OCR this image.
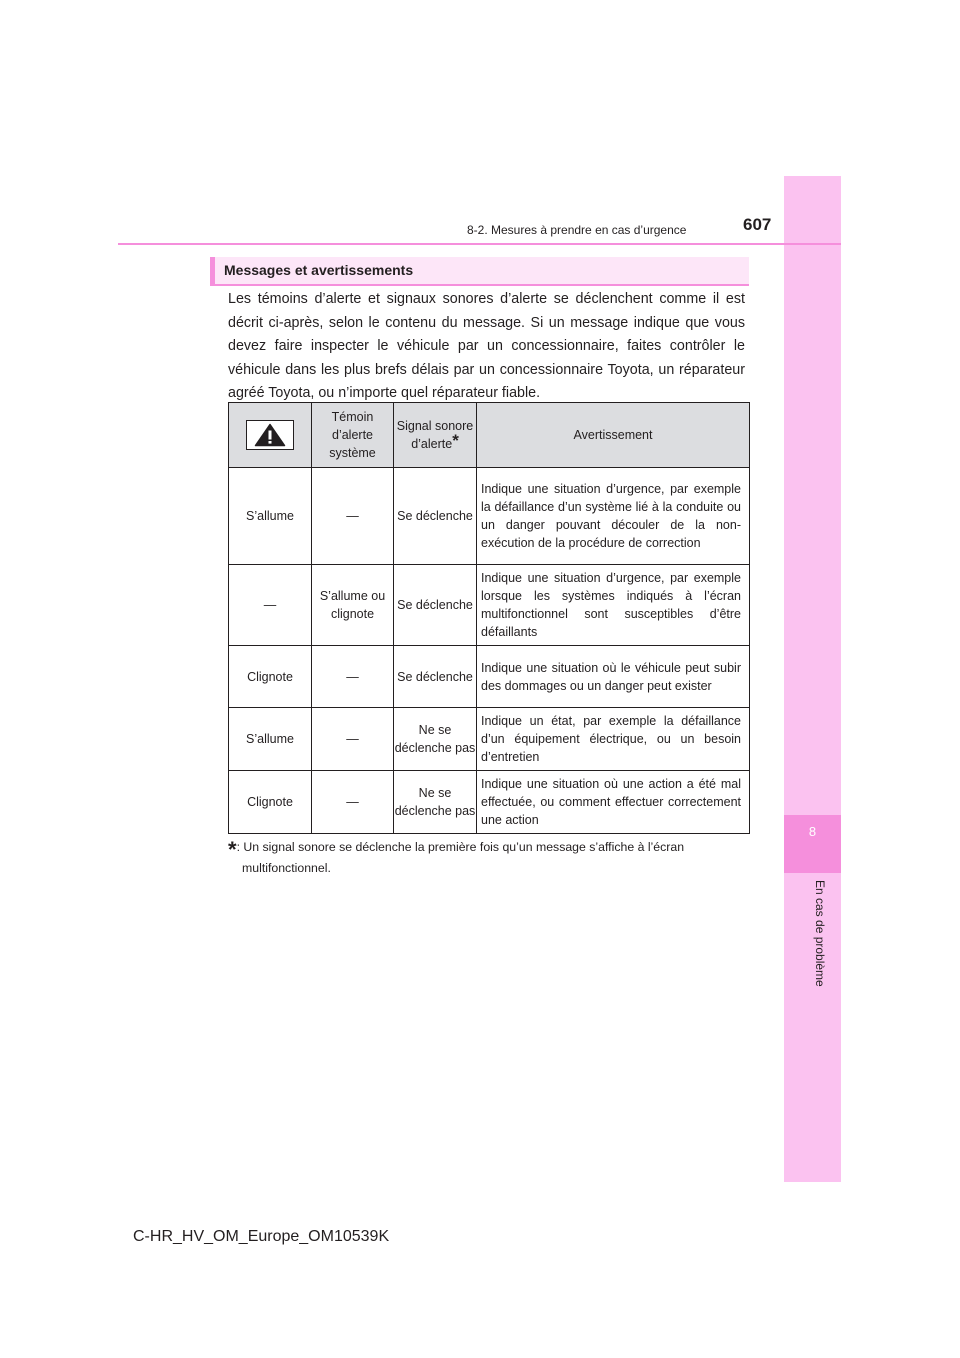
8
En cas de problème
8-2. Mesures à prendre en cas d’urgence	607
Messages et avertissements
Les témoins d’alerte et signaux sonores d’alerte se déclenchent comme il est décrit ci-après, selon le contenu du message. Si un message indique que vous devez faire inspecter le véhicule par un concessionnaire, faites contrôler le véhicule dans les plus brefs délais par un concessionnaire Toyota, un réparateur agréé Toyota, ou n’importe quel réparateur fiable.
	Témoin d’alerte système	Signal sonore d’alerte*	Avertissement
S’allume	—	Se déclenche	Indique une situation d’urgence, par exemple la défaillance d’un système lié à la conduite ou un danger pouvant découler de la non-exécution de la procédure de correction
—	S’allume ou clignote	Se déclenche	Indique une situation d’urgence, par exemple lorsque les systèmes indiqués à l’écran multifonctionnel sont susceptibles d’être défaillants
Clignote	—	Se déclenche	Indique une situation où le véhicule peut subir des dommages ou un danger peut exister
S’allume	—	Ne se déclenche pas	Indique un état, par exemple la défaillance d’un équipement électrique, ou un besoin d’entretien
Clignote	—	Ne se déclenche pas	Indique une situation où une action a été mal effectuée, ou comment effectuer correctement une action
*: Un signal sonore se déclenche la première fois qu’un message s’affiche à l’écran
multifonctionnel.
C-HR_HV_OM_Europe_OM10539K
